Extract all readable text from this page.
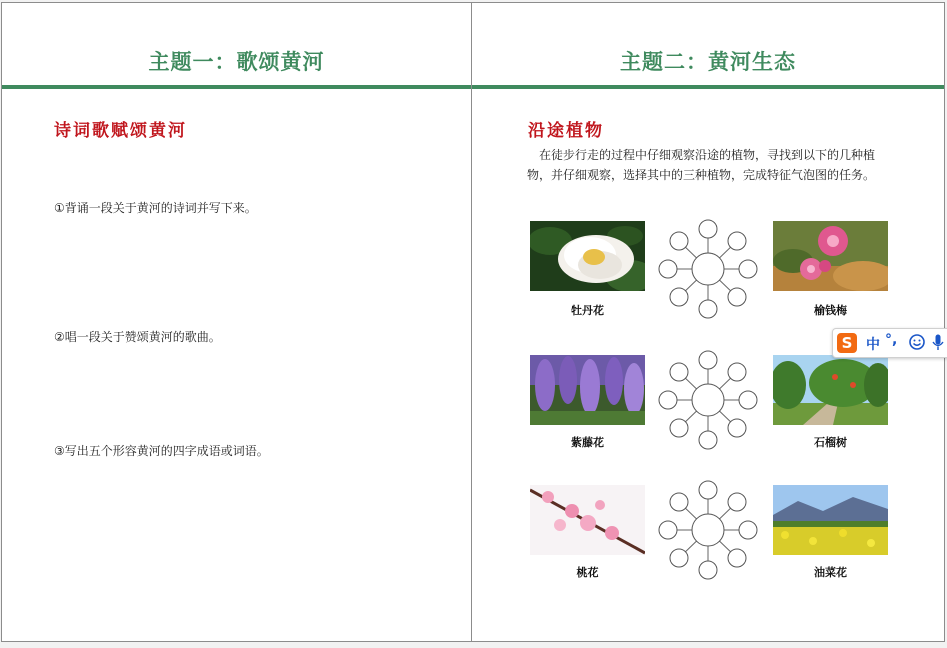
主题一：歌颂黄河
诗词歌赋颂黄河
①背诵一段关于黄河的诗词并写下来。
②唱一段关于赞颂黄河的歌曲。
③写出五个形容黄河的四字成语或词语。
主题二：黄河生态
沿途植物
在徒步行走的过程中仔细观察沿途的植物，寻找到以下的几种植物，并仔细观察，选择其中的三种植物，完成特征气泡图的任务。
牡丹花	榆钱梅
紫藤花	石榴树
桃花	油菜花
S 中 °,
